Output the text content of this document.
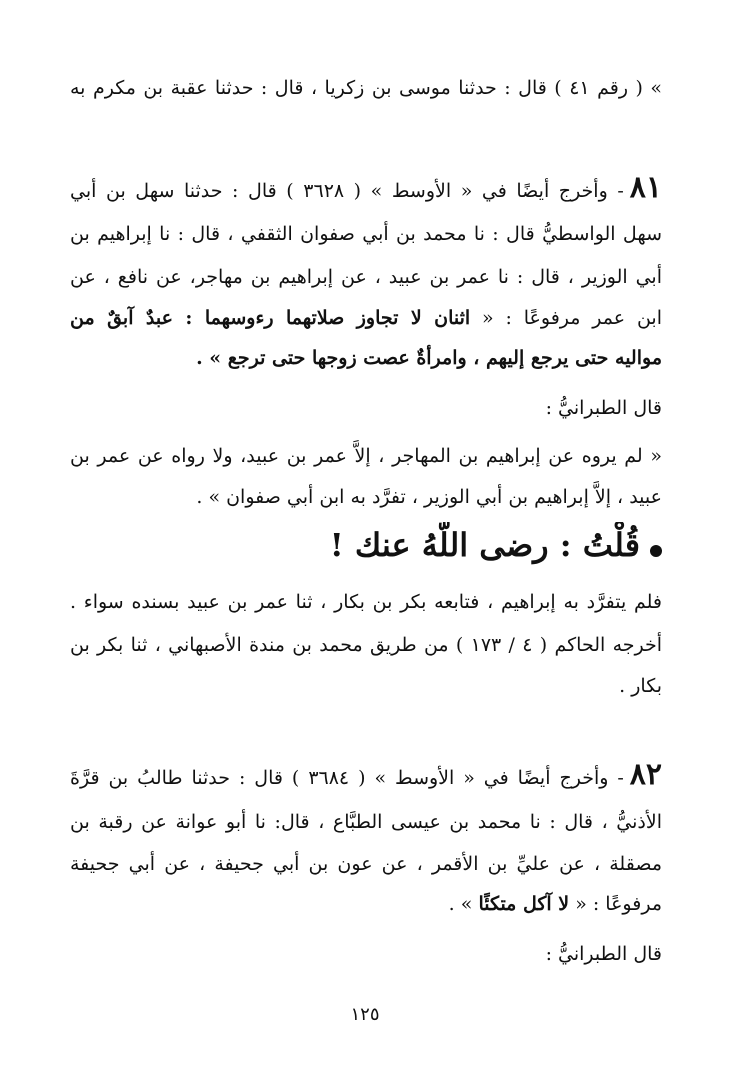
» ( رقم ٤١ ) قال : حدثنا موسى بن زكريا ، قال : حدثنا عقبة بن مكرم به
٨١- وأخرج أيضًا في « الأوسط » ( ٣٦٢٨ ) قال : حدثنا سهل بن أبي
سهل الواسطيُّ قال : نا محمد بن أبي صفوان الثقفي ، قال : نا إبراهيم بن
أبي الوزير ، قال : نا عمر بن عبيد ، عن إبراهيم بن مهاجر، عن نافع ، عن
ابن عمر مرفوعًا : « اثنان لا تجاوز صلاتهما رءوسهما : عبدٌ آبقٌ من
مواليه حتى يرجع إليهم ، وامرأةٌ عصت زوجها حتى ترجع » .
قال الطبرانيُّ :
« لم يروه عن إبراهيم بن المهاجر ، إلاَّ عمر بن عبيد، ولا رواه عن عمر بن
عبيد ، إلاَّ إبراهيم بن أبي الوزير ، تفرَّد به ابن أبي صفوان » .
قُلْتُ : رضى اللَّهُ عنك !
فلم يتفرَّد به إبراهيم ، فتابعه بكر بن بكار ، ثنا عمر بن عبيد بسنده سواء .
أخرجه الحاكم ( ٤ / ١٧٣ ) من طريق محمد بن مندة الأصبهاني ، ثنا بكر بن
بكار .
٨٢- وأخرج أيضًا في « الأوسط » ( ٣٦٨٤ ) قال : حدثنا طالبُ بن قرَّةَ
الأذنيُّ ، قال : نا محمد بن عيسى الطبَّاع ، قال: نا أبو عوانة عن رقبة بن
مصقلة ، عن عليِّ بن الأقمر ، عن عون بن أبي جحيفة ، عن أبي جحيفة
مرفوعًا : « لا آكل متكئًا » .
قال الطبرانيُّ :
١٢٥
